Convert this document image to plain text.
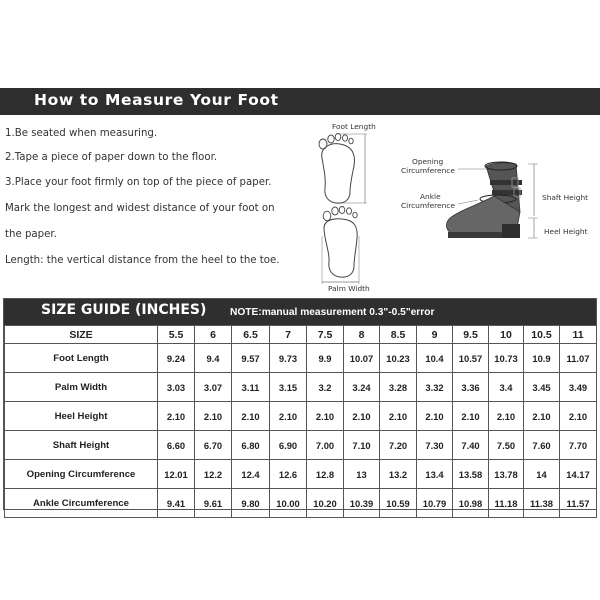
How to Measure Your Foot
1.Be seated when measuring.
2.Tape a piece of paper down to the floor.
3.Place your foot firmly on top of the piece of paper.
Mark the longest and widest distance of your foot on
the paper.
Length: the vertical distance from the heel to the toe.
Foot Length
Palm Width
Opening
Circumference
Ankle
Circumference
Shaft Height
Heel Height
SIZE GUIDE (INCHES) NOTE:manual measurement 0.3"-0.5"error
SIZE	5.5	6	6.5	7	7.5	8	8.5	9	9.5	10	10.5	11
Foot Length	9.24	9.4	9.57	9.73	9.9	10.07	10.23	10.4	10.57	10.73	10.9	11.07
Palm Width	3.03	3.07	3.11	3.15	3.2	3.24	3.28	3.32	3.36	3.4	3.45	3.49
Heel Height	2.10	2.10	2.10	2.10	2.10	2.10	2.10	2.10	2.10	2.10	2.10	2.10
Shaft Height	6.60	6.70	6.80	6.90	7.00	7.10	7.20	7.30	7.40	7.50	7.60	7.70
Opening Circumference	12.01	12.2	12.4	12.6	12.8	13	13.2	13.4	13.58	13.78	14	14.17
Ankle Circumference	9.41	9.61	9.80	10.00	10.20	10.39	10.59	10.79	10.98	11.18	11.38	11.57
